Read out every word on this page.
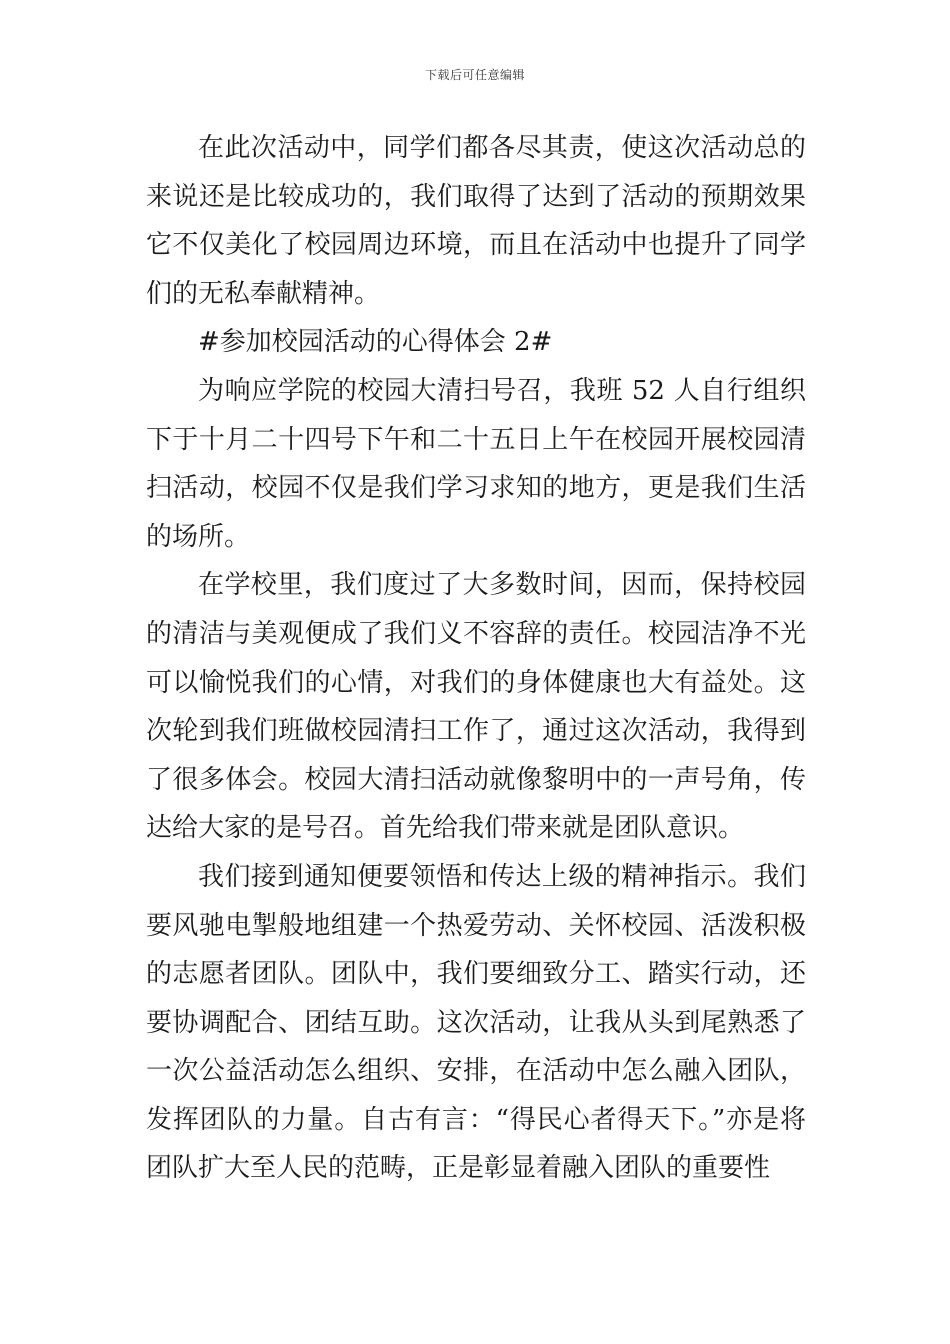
下载后可任意编辑

在此次活动中，同学们都各尽其责，使这次活动总的来说还是比较成功的，我们取得了达到了活动的预期效果它不仅美化了校园周边环境，而且在活动中也提升了同学们的无私奉献精神。

#参加校园活动的心得体会 2#

为响应学院的校园大清扫号召，我班 52 人自行组织下于十月二十四号下午和二十五日上午在校园开展校园清扫活动，校园不仅是我们学习求知的地方，更是我们生活的场所。

在学校里，我们度过了大多数时间，因而，保持校园的清洁与美观便成了我们义不容辞的责任。校园洁净不光可以愉悦我们的心情，对我们的身体健康也大有益处。这次轮到我们班做校园清扫工作了，通过这次活动，我得到了很多体会。校园大清扫活动就像黎明中的一声号角，传达给大家的是号召。首先给我们带来就是团队意识。

我们接到通知便要领悟和传达上级的精神指示。我们要风驰电掣般地组建一个热爱劳动、关怀校园、活泼积极的志愿者团队。团队中，我们要细致分工、踏实行动，还要协调配合、团结互助。这次活动，让我从头到尾熟悉了一次公益活动怎么组织、安排，在活动中怎么融入团队，发挥团队的力量。自古有言：“得民心者得天下。”亦是将团队扩大至人民的范畴，正是彰显着融入团队的重要性
